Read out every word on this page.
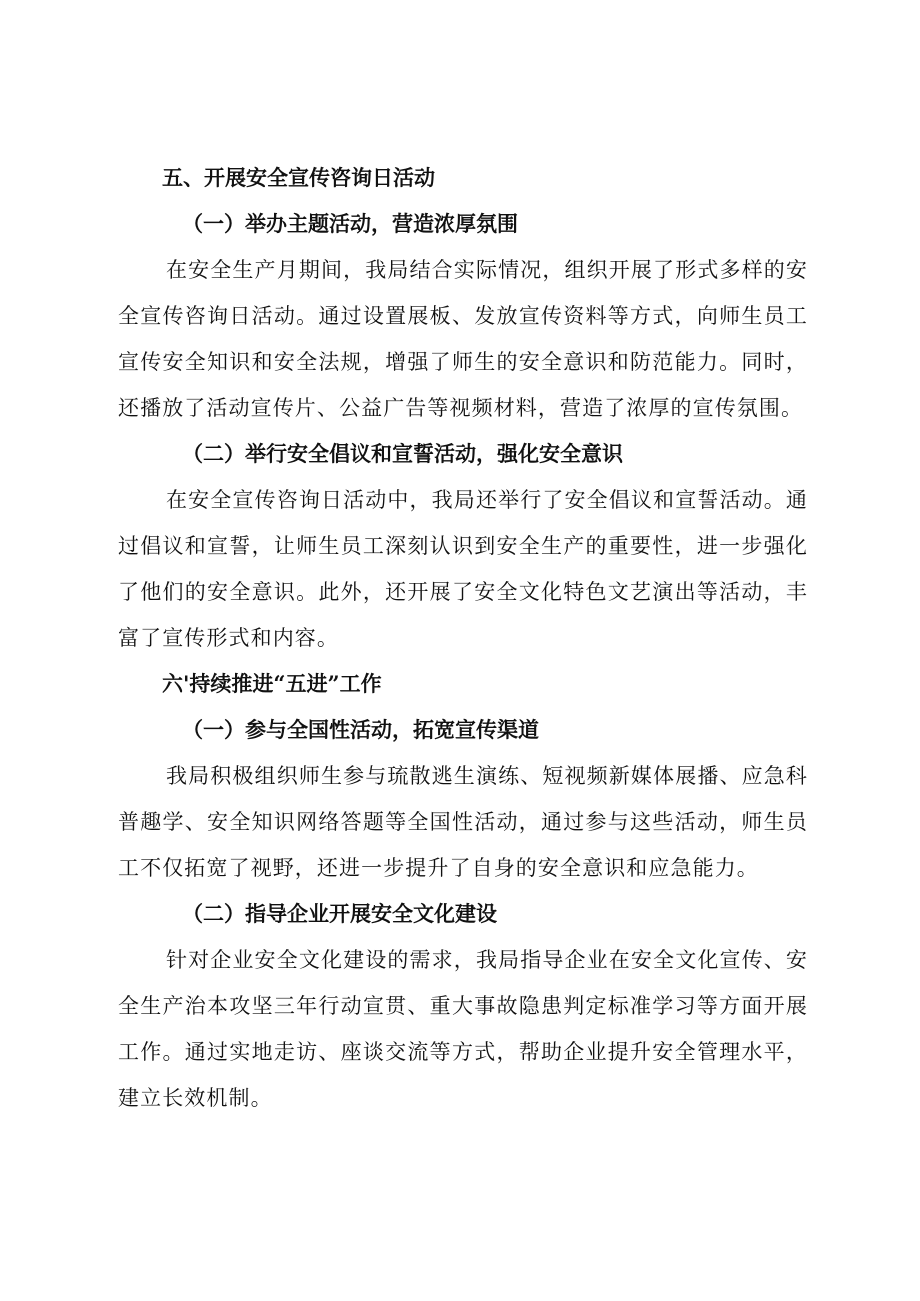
五、开展安全宣传咨询日活动

（一）举办主题活动，营造浓厚氛围

在安全生产月期间，我局结合实际情况，组织开展了形式多样的安全宣传咨询日活动。通过设置展板、发放宣传资料等方式，向师生员工宣传安全知识和安全法规，增强了师生的安全意识和防范能力。同时，还播放了活动宣传片、公益广告等视频材料，营造了浓厚的宣传氛围。

（二）举行安全倡议和宣誓活动，强化安全意识

在安全宣传咨询日活动中，我局还举行了安全倡议和宣誓活动。通过倡议和宣誓，让师生员工深刻认识到安全生产的重要性，进一步强化了他们的安全意识。此外，还开展了安全文化特色文艺演出等活动，丰富了宣传形式和内容。

六'持续推进“五进”工作

（一）参与全国性活动，拓宽宣传渠道

我局积极组织师生参与琉散逃生演练、短视频新媒体展播、应急科普趣学、安全知识网络答题等全国性活动，通过参与这些活动，师生员工不仅拓宽了视野，还进一步提升了自身的安全意识和应急能力。

（二）指导企业开展安全文化建设

针对企业安全文化建设的需求，我局指导企业在安全文化宣传、安全生产治本攻坚三年行动宣贯、重大事故隐患判定标准学习等方面开展工作。通过实地走访、座谈交流等方式，帮助企业提升安全管理水平，建立长效机制。
